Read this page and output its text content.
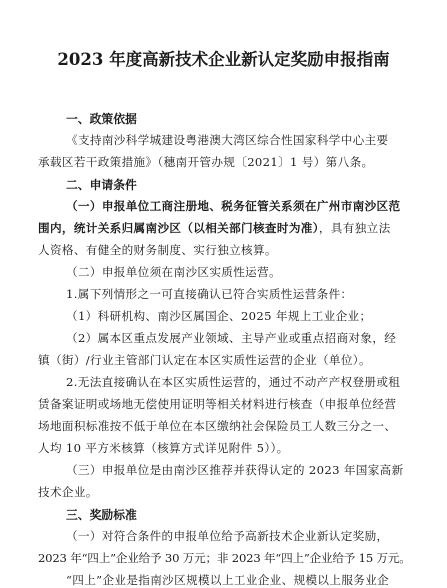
2023 年度高新技术企业新认定奖励申报指南
一、政策依据
《支持南沙科学城建设粤港澳大湾区综合性国家科学中心主要
承载区若干政策措施》（穗南开管办规〔2021〕1 号）第八条。
二、申请条件
（一）申报单位工商注册地、税务征管关系须在广州市南沙区范
围内，统计关系归属南沙区（以相关部门核查时为准），具有独立法
人资格、有健全的财务制度、实行独立核算。
（二）申报单位须在南沙区实质性运营。
1.属下列情形之一可直接确认已符合实质性运营条件：
（1）科研机构、南沙区属国企、2025 年规上工业企业；
（2）属本区重点发展产业领域、主导产业或重点招商对象，经
镇（街）/行业主管部门认定在本区实质性运营的企业（单位）。
2.无法直接确认在本区实质性运营的，通过不动产产权登册或租
赁备案证明或场地无偿使用证明等相关材料进行核查（申报单位经营
场地面积标准按不低于单位在本区缴纳社会保险员工人数三分之一、
人均 10 平方米核算（核算方式详见附件 5））。
（三）申报单位是由南沙区推荐并获得认定的 2023 年国家高新
技术企业。
三、奖励标准
（一）对符合条件的申报单位给予高新技术企业新认定奖励，
2023 年“四上”企业给予 30 万元；非 2023 年“四上”企业给予 15 万元。
“四上”企业是指南沙区规模以上工业企业、规模以上服务业企
